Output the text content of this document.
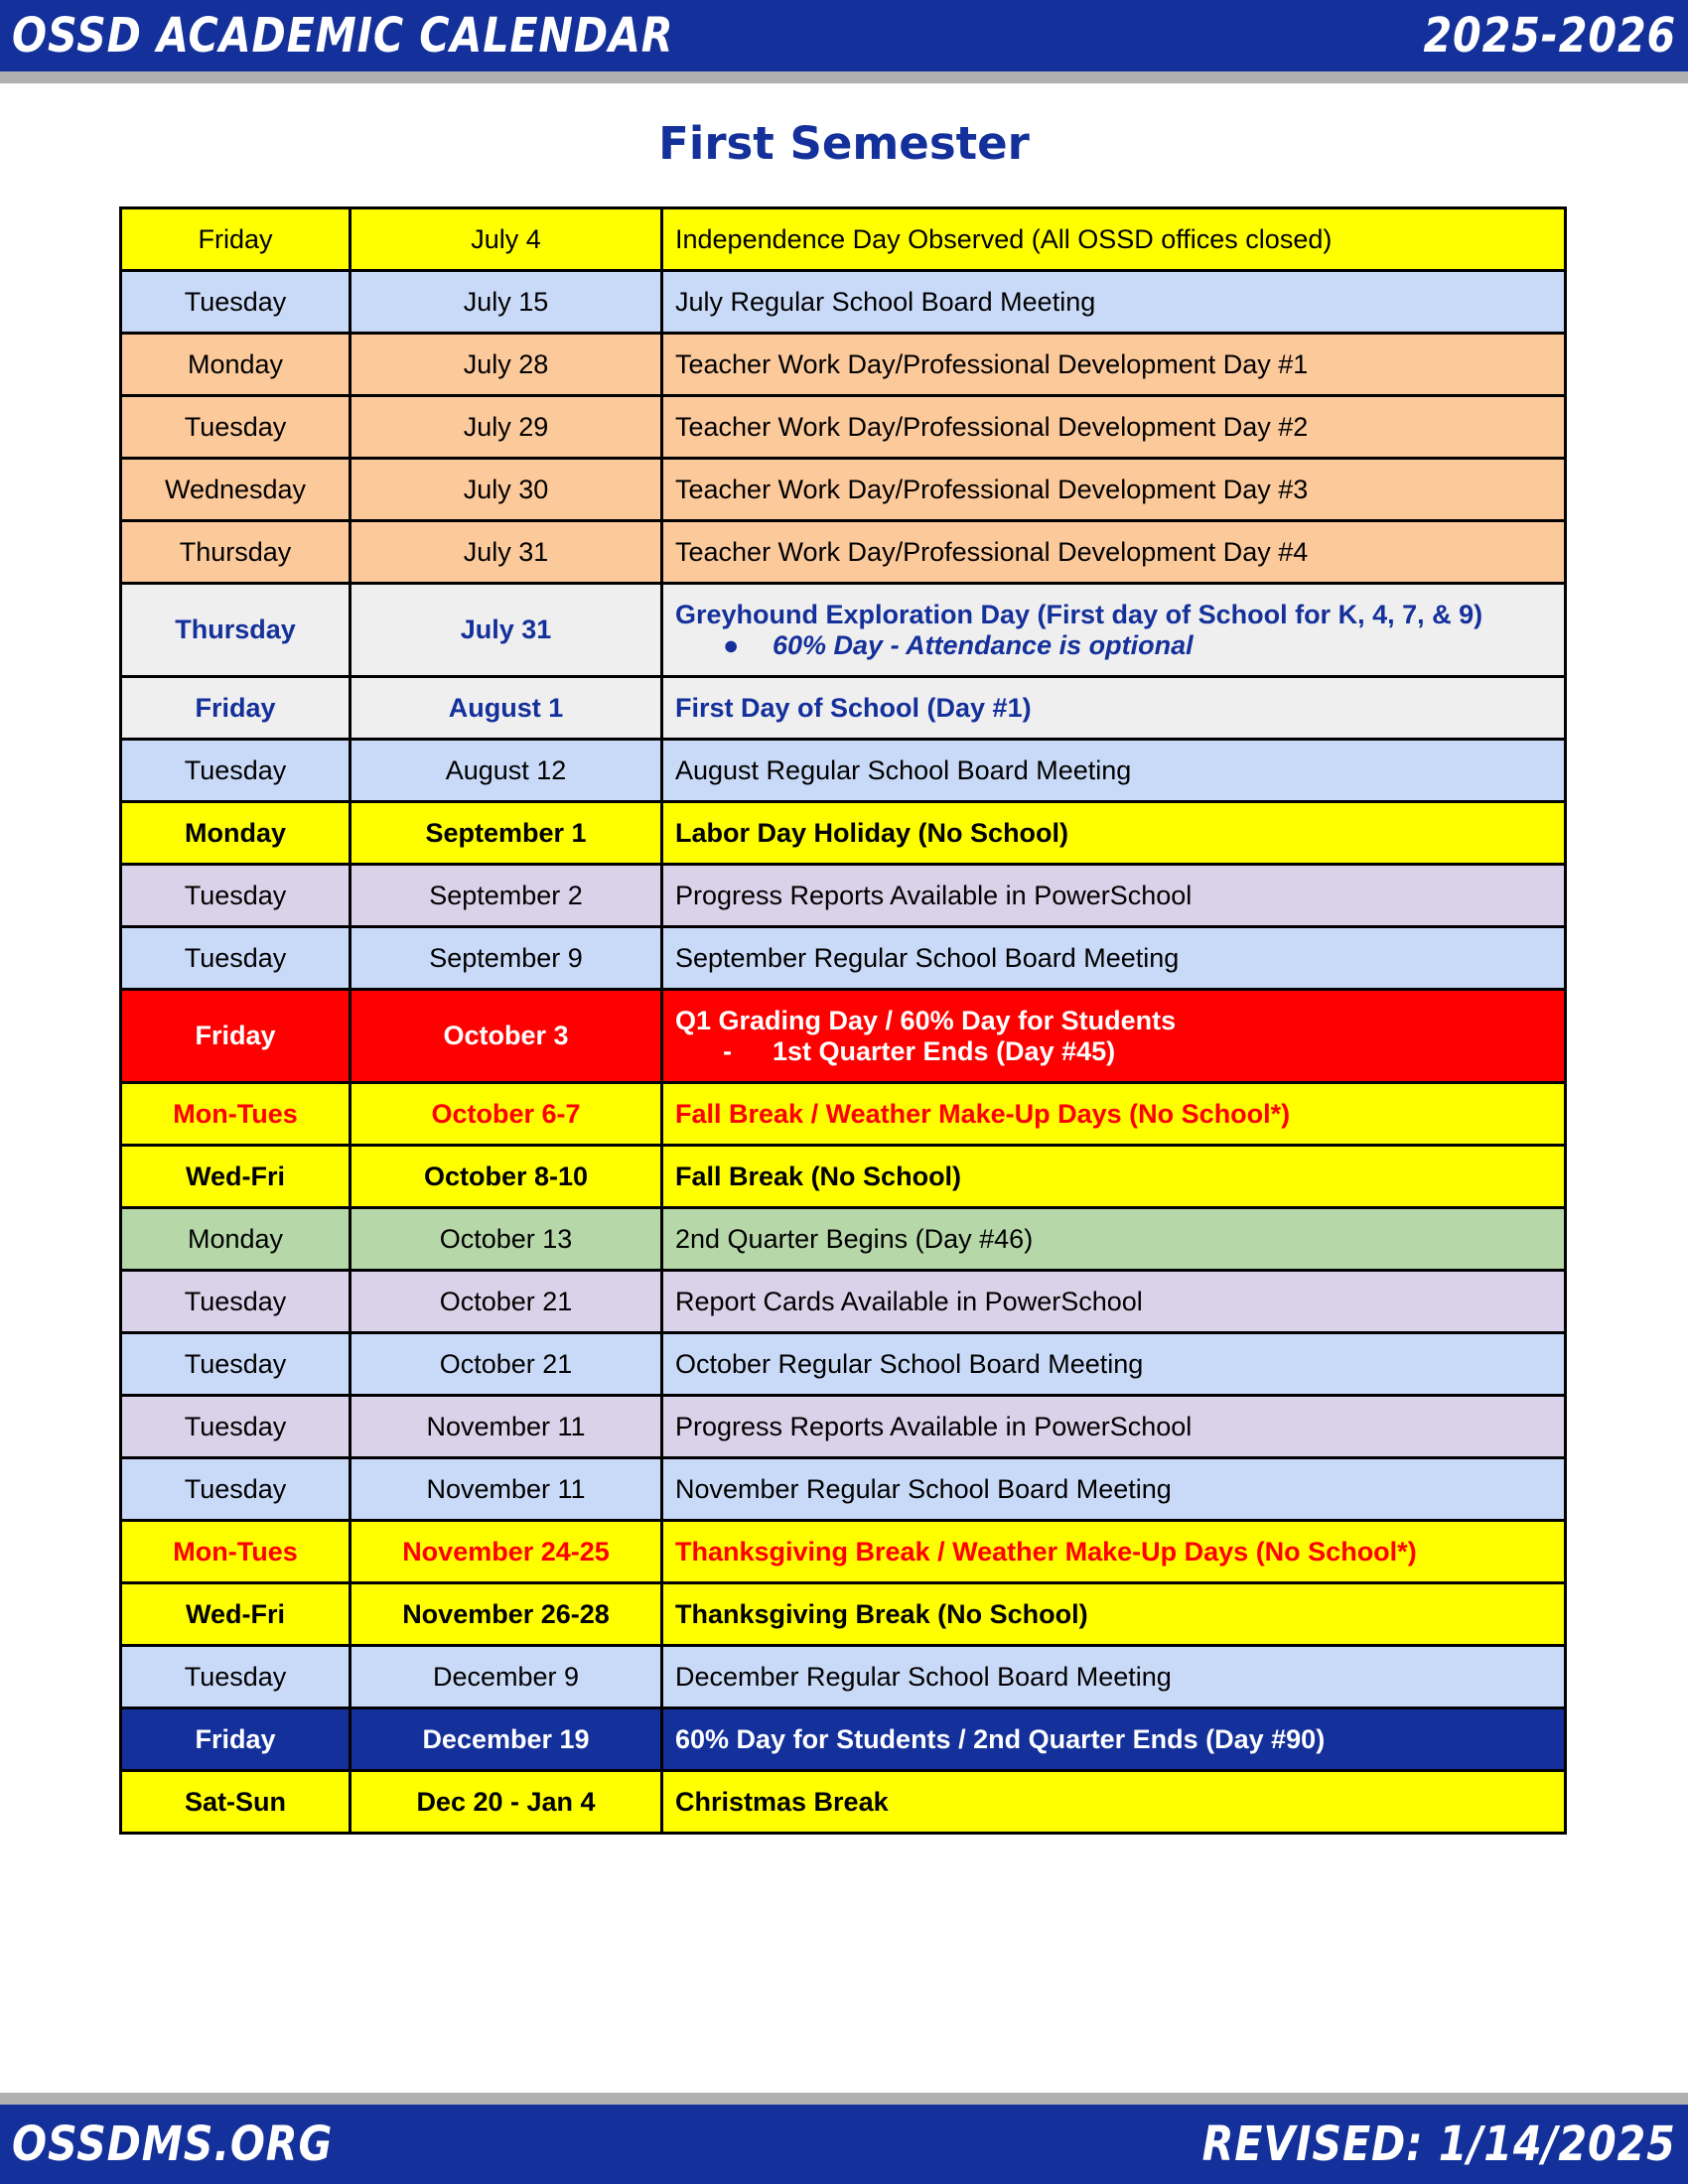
OSSD ACADEMIC CALENDAR	2025-2026
First Semester
Friday	July 4	Independence Day Observed (All OSSD offices closed)
Tuesday	July 15	July Regular School Board Meeting
Monday	July 28	Teacher Work Day/Professional Development Day #1
Tuesday	July 29	Teacher Work Day/Professional Development Day #2
Wednesday	July 30	Teacher Work Day/Professional Development Day #3
Thursday	July 31	Teacher Work Day/Professional Development Day #4
Thursday	July 31	Greyhound Exploration Day (First day of School for K, 4, 7, & 9)
● 60% Day - Attendance is optional

Friday	August 1	First Day of School (Day #1)
Tuesday	August 12	August Regular School Board Meeting
Monday	September 1	Labor Day Holiday (No School)
Tuesday	September 2	Progress Reports Available in PowerSchool
Tuesday	September 9	September Regular School Board Meeting
Friday	October 3	Q1 Grading Day / 60% Day for Students
- 1st Quarter Ends (Day #45)

Mon-Tues	October 6-7	Fall Break / Weather Make-Up Days (No School*)
Wed-Fri	October 8-10	Fall Break (No School)
Monday	October 13	2nd Quarter Begins (Day #46)
Tuesday	October 21	Report Cards Available in PowerSchool
Tuesday	October 21	October Regular School Board Meeting
Tuesday	November 11	Progress Reports Available in PowerSchool
Tuesday	November 11	November Regular School Board Meeting
Mon-Tues	November 24-25	Thanksgiving Break / Weather Make-Up Days (No School*)
Wed-Fri	November 26-28	Thanksgiving Break (No School)
Tuesday	December 9	December Regular School Board Meeting
Friday	December 19	60% Day for Students / 2nd Quarter Ends (Day #90)
Sat-Sun	Dec 20 - Jan 4	Christmas Break
OSSDMS.ORG	REVISED: 1/14/2025
